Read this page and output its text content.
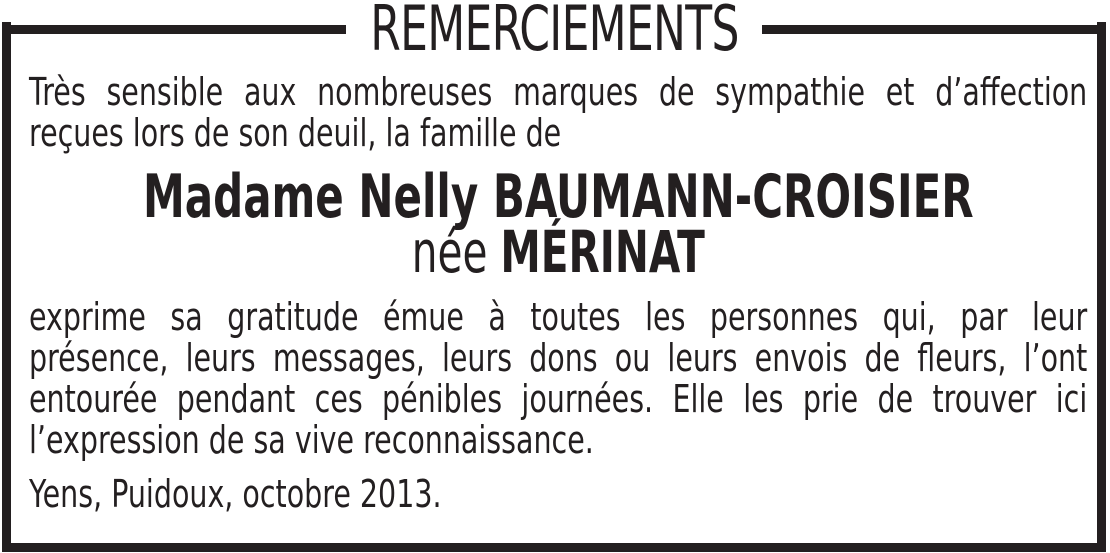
REMERCIEMENTS
Très sensible aux nombreuses marques de sympathie et d’affection
reçues lors de son deuil, la famille de
Madame Nelly BAUMANN-CROISIER
née MÉRINAT
exprime sa gratitude émue à toutes les personnes qui, par leur
présence, leurs messages, leurs dons ou leurs envois de fleurs, l’ont
entourée pendant ces pénibles journées. Elle les prie de trouver ici
l’expression de sa vive reconnaissance.
Yens, Puidoux, octobre 2013.
